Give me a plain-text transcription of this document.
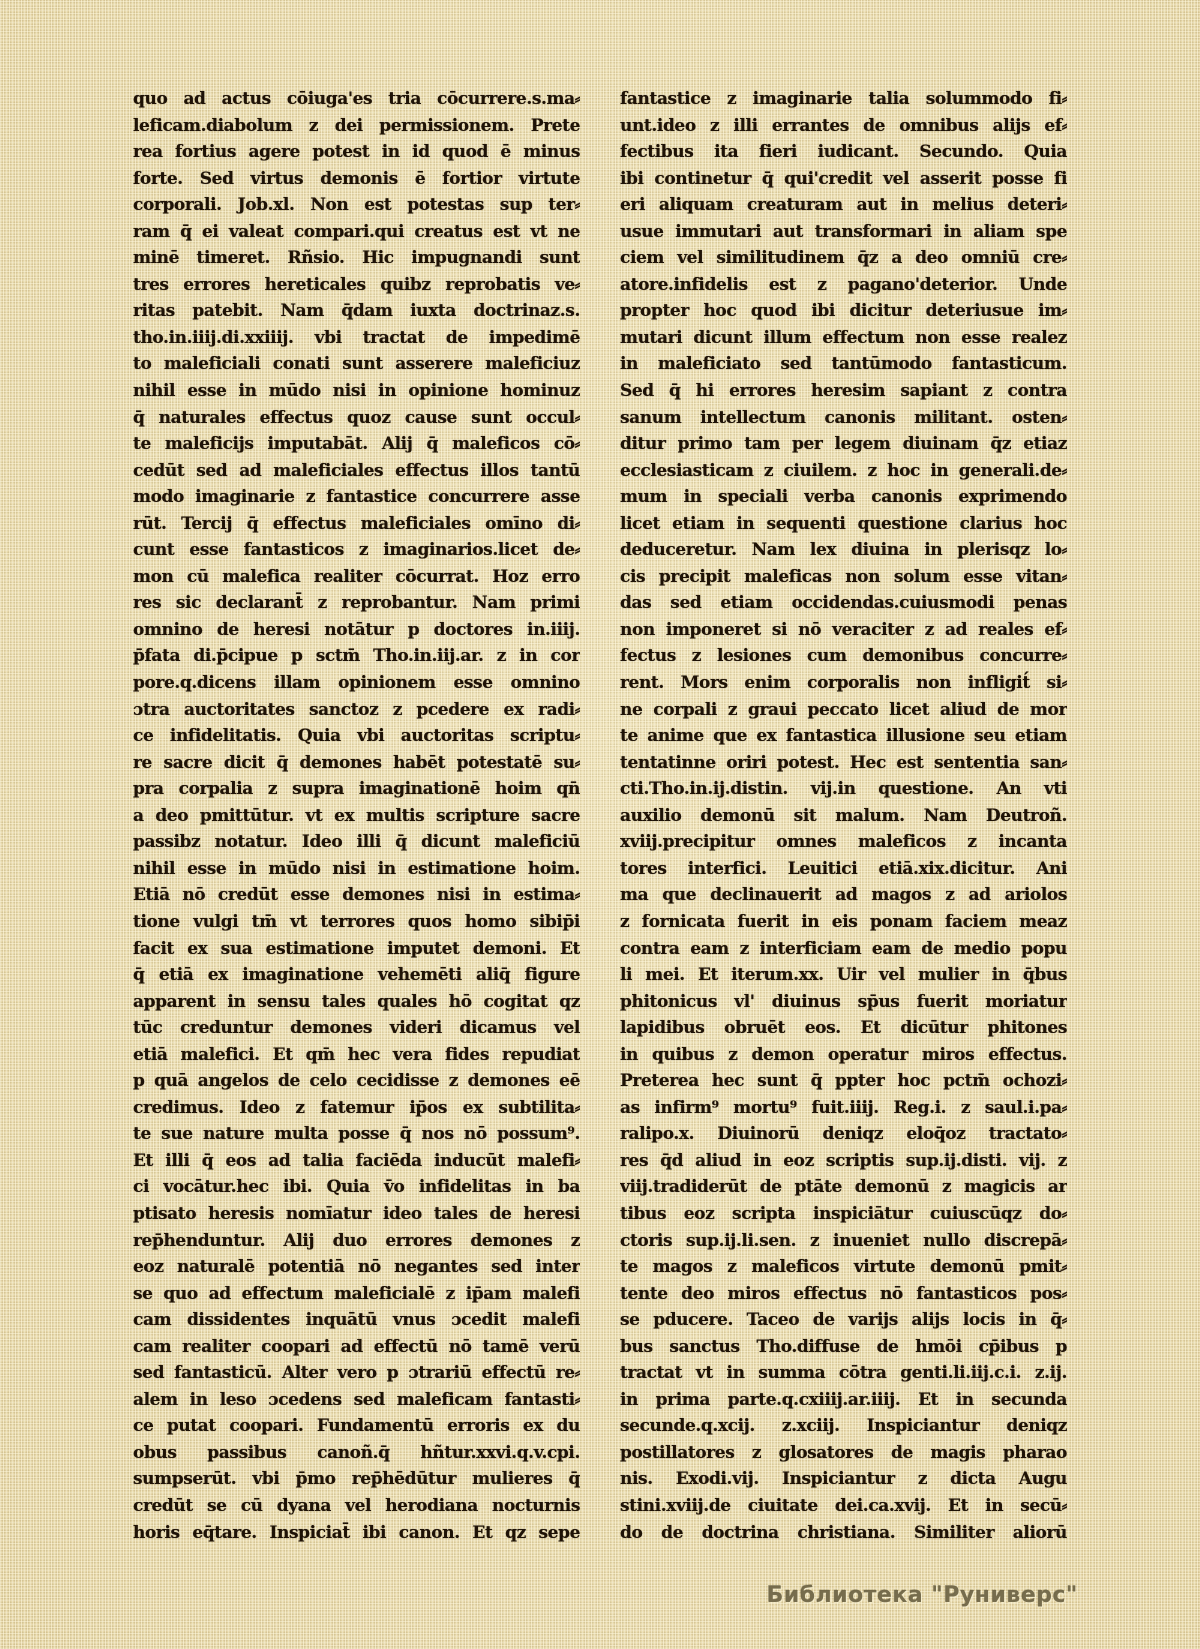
quo ad actus cōiuga'es tria cōcurrere.s.ma⸗
leficam.diabolum z dei permissionem. Prete
rea fortius agere potest in id quod ē minus
forte. Sed virtus demonis ē fortior virtute
corporali. Job.xl. Non est potestas sup ter⸗
ram q̄ ei valeat compari.qui creatus est vt ne
minē timeret. Rñsio. Hic impugnandi sunt
tres errores hereticales quibz reprobatis ve⸗
ritas patebit. Nam q̄dam iuxta doctrinaz.s.
tho.in.iiij.di.xxiiij. vbi tractat de impedimē
to maleficiali conati sunt asserere maleficiuz
nihil esse in mūdo nisi in opinione hominuz
q̄ naturales effectus quoz cause sunt occul⸗
te maleficijs imputabāt. Alij q̄ maleficos cō⸗
cedūt sed ad maleficiales effectus illos tantū
modo imaginarie z fantastice concurrere asse
rūt. Tercij q̄ effectus maleficiales omīno di⸗
cunt esse fantasticos z imaginarios.licet de⸗
mon cū malefica realiter cōcurrat. Hoz erro
res sic declarant̄ z reprobantur. Nam primi
omnino de heresi notātur p doctores in.iiij.
p̄fata di.p̄cipue p sctm̄ Tho.in.iij.ar. z in cor
pore.q.dicens illam opinionem esse omnino
ɔtra auctoritates sanctoz z pcedere ex radi⸗
ce infidelitatis. Quia vbi auctoritas scriptu⸗
re sacre dicit q̄ demones habēt potestatē su⸗
pra corpalia z supra imaginationē hoim qn̄
a deo pmittūtur. vt ex multis scripture sacre
passibz notatur. Ideo illi q̄ dicunt maleficiū
nihil esse in mūdo nisi in estimatione hoim.
Etiā nō credūt esse demones nisi in estima⸗
tione vulgi tm̄ vt terrores quos homo sibip̄i
facit ex sua estimatione imputet demoni. Et
q̄ etiā ex imaginatione vehemēti aliq̄ figure
apparent in sensu tales quales hō cogitat qz
tūc creduntur demones videri dicamus vel
etiā malefici. Et qm̄ hec vera fides repudiat
p quā angelos de celo cecidisse z demones eē
credimus. Ideo z fatemur ip̄os ex subtilita⸗
te sue nature multa posse q̄ nos nō possum⁹.
Et illi q̄ eos ad talia faciēda inducūt malefi⸗
ci vocātur.hec ibi. Quia v̄o infidelitas in ba
ptisato heresis nomīatur ideo tales de heresi
rep̄henduntur. Alij duo errores demones z
eoz naturalē potentiā nō negantes sed inter
se quo ad effectum maleficialē z ip̄am malefi
cam dissidentes inquātū vnus ɔcedit malefi
cam realiter coopari ad effectū nō tamē verū
sed fantasticū. Alter vero p ɔtrariū effectū re⸗
alem in leso ɔcedens sed maleficam fantasti⸗
ce putat coopari. Fundamentū erroris ex du
obus passibus canoñ.q̄ hñtur.xxvi.q.v.cpi.
sumpserūt. vbi p̄mo rep̄hēdūtur mulieres q̄
credūt se cū dyana vel herodiana nocturnis
horis eq̄tare. Inspiciat̄ ibi canon. Et qz sepe
fantastice z imaginarie talia solummodo fi⸗
unt.ideo z illi errantes de omnibus alijs ef⸗
fectibus ita fieri iudicant. Secundo. Quia
ibi continetur q̄ qui'credit vel asserit posse fi
eri aliquam creaturam aut in melius deteri⸗
usue immutari aut transformari in aliam spe
ciem vel similitudinem q̄z a deo omniū cre⸗
atore.infidelis est z pagano'deterior. Unde
propter hoc quod ibi dicitur deteriusue im⸗
mutari dicunt illum effectum non esse realez
in maleficiato sed tantūmodo fantasticum.
Sed q̄ hi errores heresim sapiant z contra
sanum intellectum canonis militant. osten⸗
ditur primo tam per legem diuinam q̄z etiaz
ecclesiasticam z ciuilem. z hoc in generali.de⸗
mum in speciali verba canonis exprimendo
licet etiam in sequenti questione clarius hoc
deduceretur. Nam lex diuina in plerisqz lo⸗
cis precipit maleficas non solum esse vitan⸗
das sed etiam occidendas.cuiusmodi penas
non imponeret si nō veraciter z ad reales ef⸗
fectus z lesiones cum demonibus concurre⸗
rent. Mors enim corporalis non infligit́ si⸗
ne corpali z graui peccato licet aliud de mor
te anime que ex fantastica illusione seu etiam
tentatinne oriri potest. Hec est sententia san⸗
cti.Tho.in.ij.distin. vij.in questione. An vti
auxilio demonū sit malum. Nam Deutroñ.
xviij.precipitur omnes maleficos z incanta
tores interfici. Leuitici etiā.xix.dicitur. Ani
ma que declinauerit ad magos z ad ariolos
z fornicata fuerit in eis ponam faciem meaz
contra eam z interficiam eam de medio popu
li mei. Et iterum.xx. Uir vel mulier in q̄bus
phitonicus vl' diuinus sp̄us fuerit moriatur
lapidibus obruēt eos. Et dicūtur phitones
in quibus z demon operatur miros effectus.
Preterea hec sunt q̄ ppter hoc pctm̄ ochozi⸗
as infirm⁹ mortu⁹ fuit.iiij. Reg.i. z saul.i.pa⸗
ralipo.x. Diuinorū deniqz eloq̄oz tractato⸗
res q̄d aliud in eoz scriptis sup.ij.disti. vij. z
viij.tradiderūt de ptāte demonū z magicis ar
tibus eoz scripta inspiciātur cuiuscūqz do⸗
ctoris sup.ij.li.sen. z inueniet nullo discrepā⸗
te magos z maleficos virtute demonū pmit⸗
tente deo miros effectus nō fantasticos pos⸗
se pducere. Taceo de varijs alijs locis in q̄⸗
bus sanctus Tho.diffuse de hmōi cp̄ibus p
tractat vt in summa cōtra genti.li.iij.c.i. z.ij.
in prima parte.q.cxiiij.ar.iiij. Et in secunda
secunde.q.xcij. z.xciij. Inspiciantur deniqz
postillatores z glosatores de magis pharao
nis. Exodi.vij. Inspiciantur z dicta Augu
stini.xviij.de ciuitate dei.ca.xvij. Et in secū⸗
do de doctrina christiana. Similiter aliorū
Библиотека "Руниверс"
